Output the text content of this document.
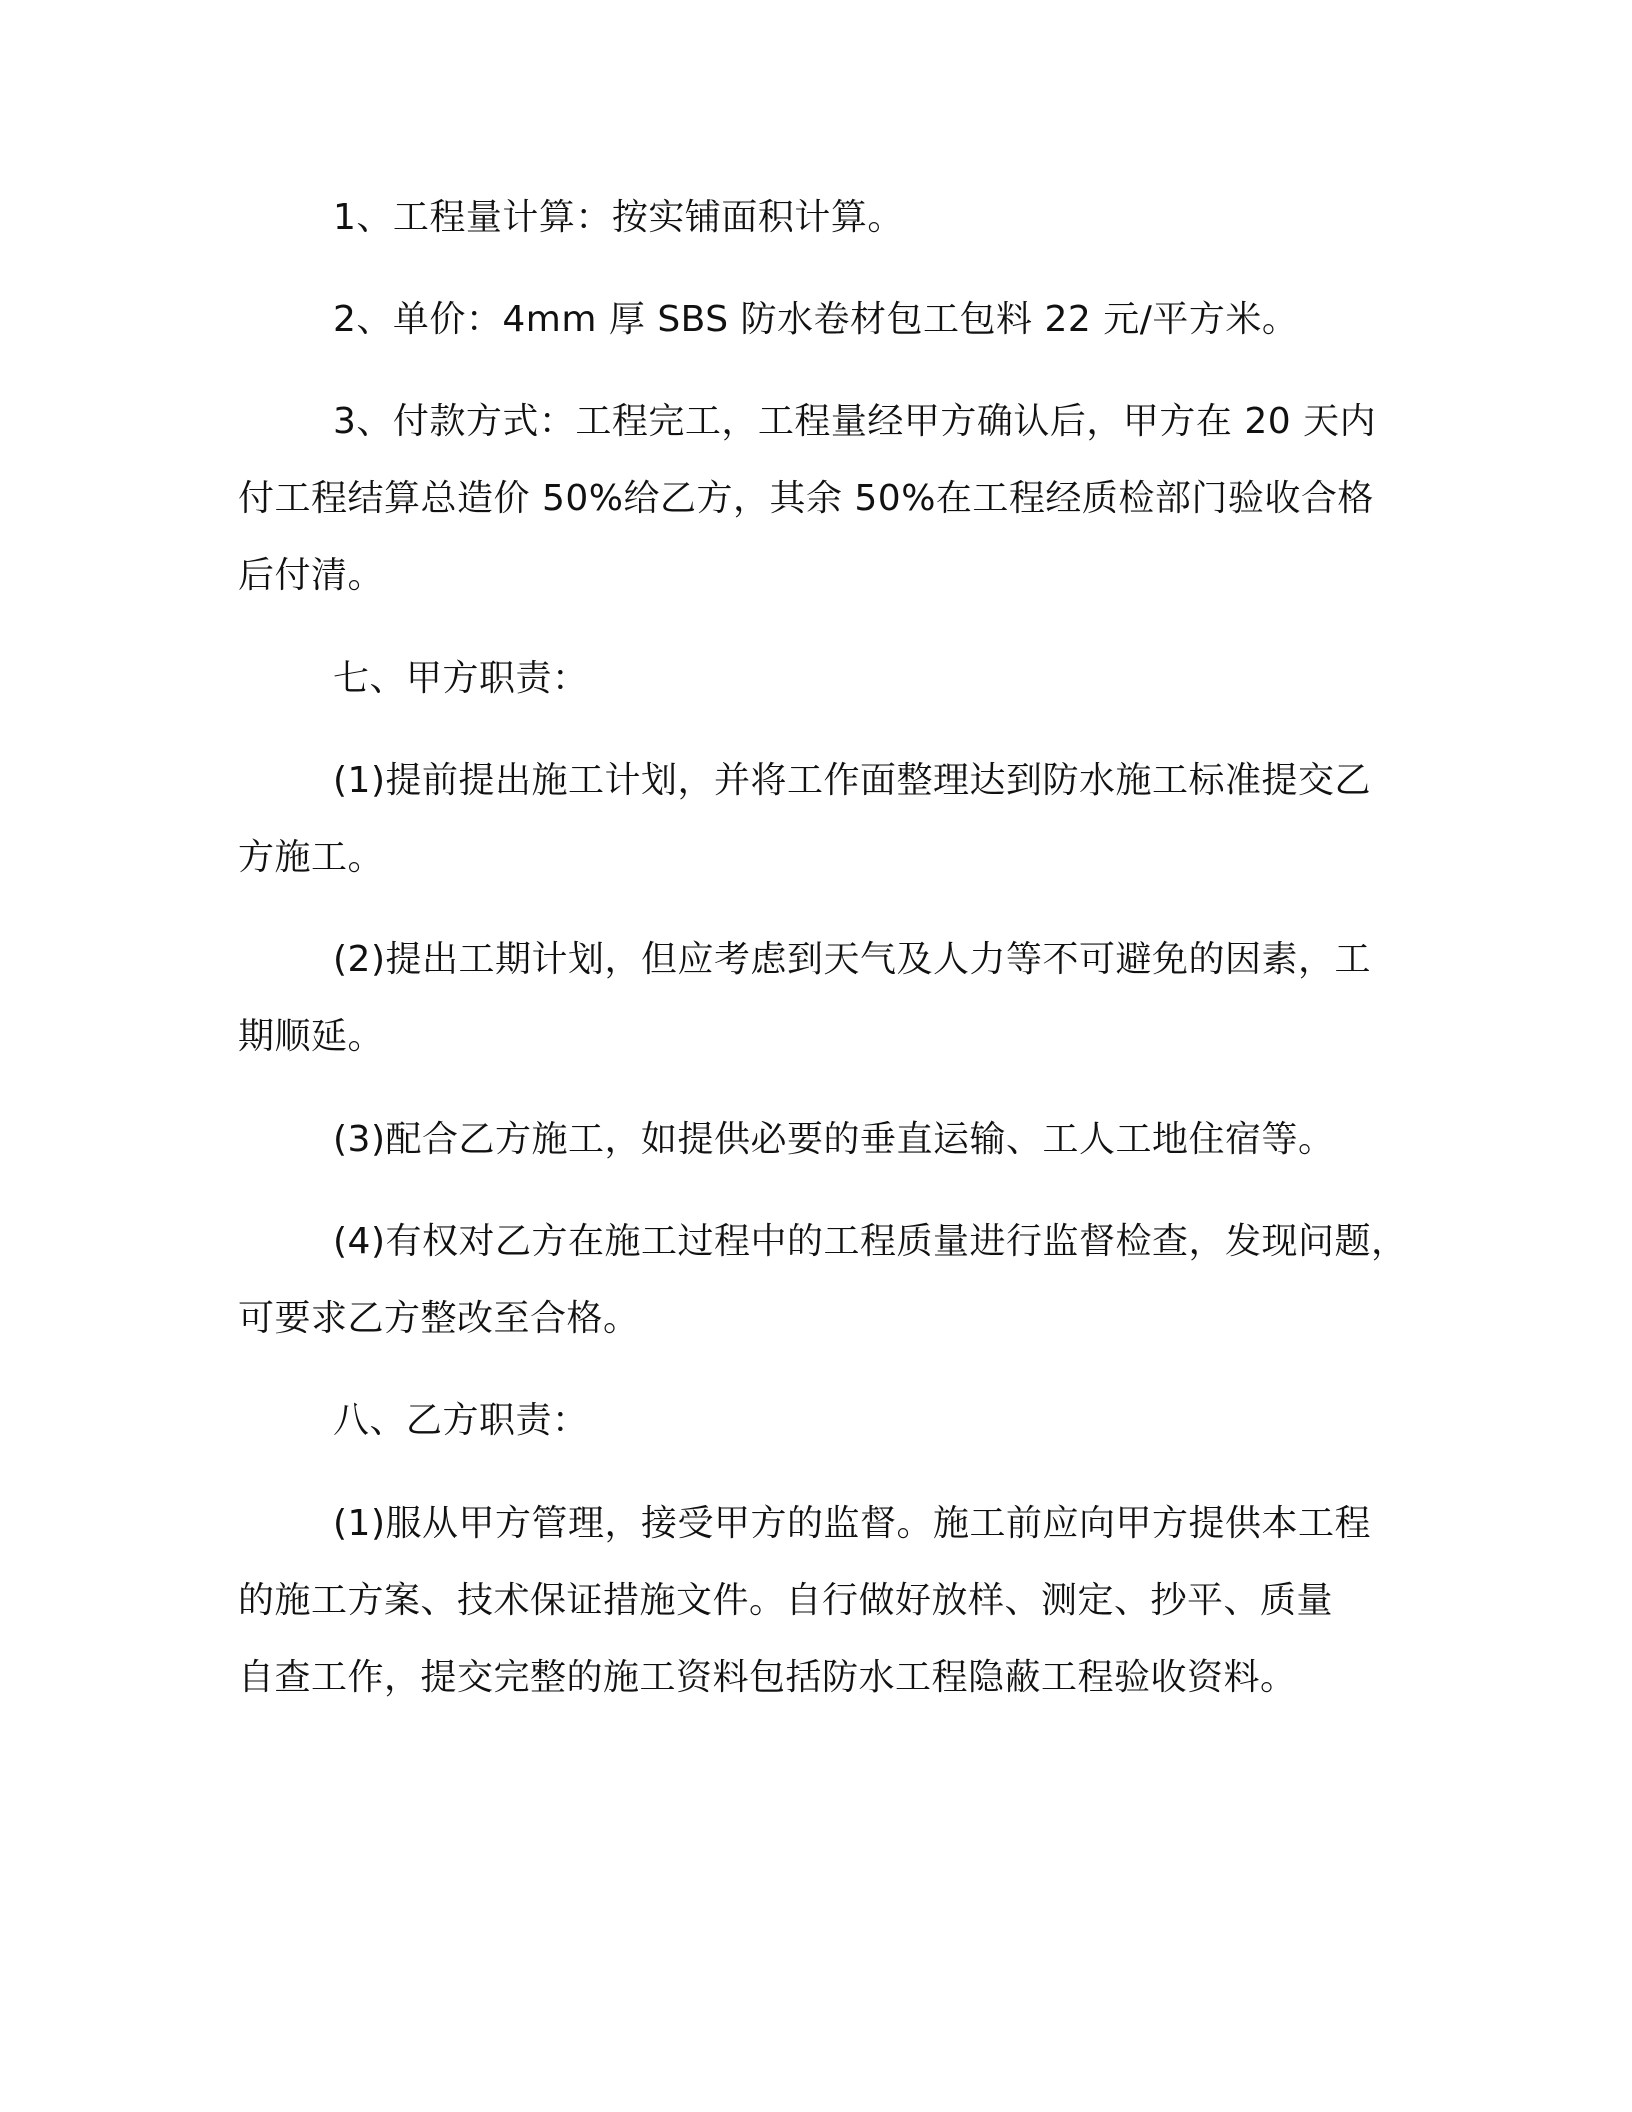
1、工程量计算：按实铺面积计算。
2、单价：4mm 厚 SBS 防水卷材包工包料 22 元/平方米。
3、付款方式：工程完工，工程量经甲方确认后，甲方在 20 天内
付工程结算总造价 50%给乙方，其余 50%在工程经质检部门验收合格
后付清。
七、甲方职责：
(1)提前提出施工计划，并将工作面整理达到防水施工标准提交乙
方施工。
(2)提出工期计划，但应考虑到天气及人力等不可避免的因素，工
期顺延。
(3)配合乙方施工，如提供必要的垂直运输、工人工地住宿等。
(4)有权对乙方在施工过程中的工程质量进行监督检查，发现问题，
可要求乙方整改至合格。
八、乙方职责：
(1)服从甲方管理，接受甲方的监督。施工前应向甲方提供本工程
的施工方案、技术保证措施文件。自行做好放样、测定、抄平、质量
自查工作，提交完整的施工资料包括防水工程隐蔽工程验收资料。
